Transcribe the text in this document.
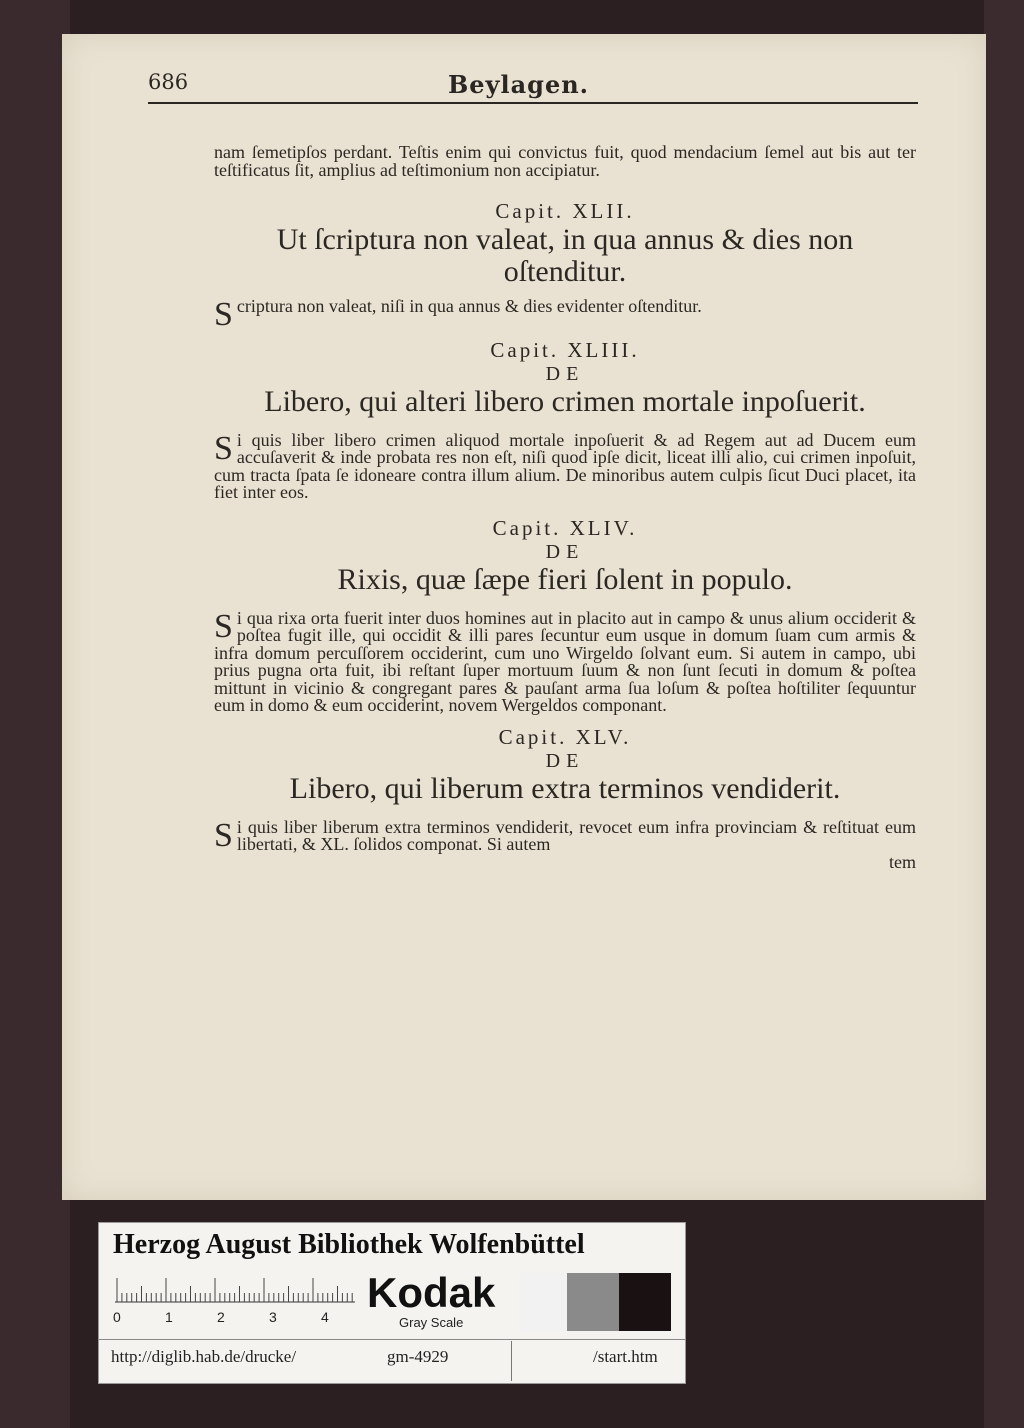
686	Beylagen.

nam ſemetipſos perdant. Teſtis enim qui convictus fuit, quod mendacium ſemel aut bis aut ter teſtificatus ſit, amplius ad teſtimonium non accipiatur.

Capit. XLII.

Ut ſcriptura non valeat, in qua annus & dies non oſtenditur.

Scriptura non valeat, niſi in qua annus & dies evidenter oſtenditur.

Capit. XLIII.

DE

Libero, qui alteri libero crimen mortale inpoſuerit.

Si quis liber libero crimen aliquod mortale inpoſuerit & ad Regem aut ad Ducem eum accuſaverit & inde probata res non eſt, niſi quod ipſe dicit, liceat illi alio, cui crimen inpoſuit, cum tracta ſpata ſe idoneare contra illum alium. De minoribus autem culpis ſicut Duci placet, ita fiet inter eos.

Capit. XLIV.

DE

Rixis, quæ ſæpe fieri ſolent in populo.

Si qua rixa orta fuerit inter duos homines aut in placito aut in campo & unus alium occiderit & poſtea fugit ille, qui occidit & illi pares ſecuntur eum usque in domum ſuam cum armis & infra domum percuſſorem occiderint, cum uno Wirgeldo ſolvant eum. Si autem in campo, ubi prius pugna orta fuit, ibi reſtant ſuper mortuum ſuum & non ſunt ſecuti in domum & poſtea mittunt in vicinio & congregant pares & pauſant arma ſua loſum & poſtea hoſtiliter ſequuntur eum in domo & eum occiderint, novem Wergeldos componant.

Capit. XLV.

DE

Libero, qui liberum extra terminos vendiderit.

Si quis liber liberum extra terminos vendiderit, revocet eum infra provinciam & reſtituat eum libertati, & XL. ſolidos componat. Si autem

tem

Herzog August Bibliothek Wolfenbüttel
0	1	2	3	4
Kodak
Gray Scale
http://diglib.hab.de/drucke/	gm-4929	/start.htm
